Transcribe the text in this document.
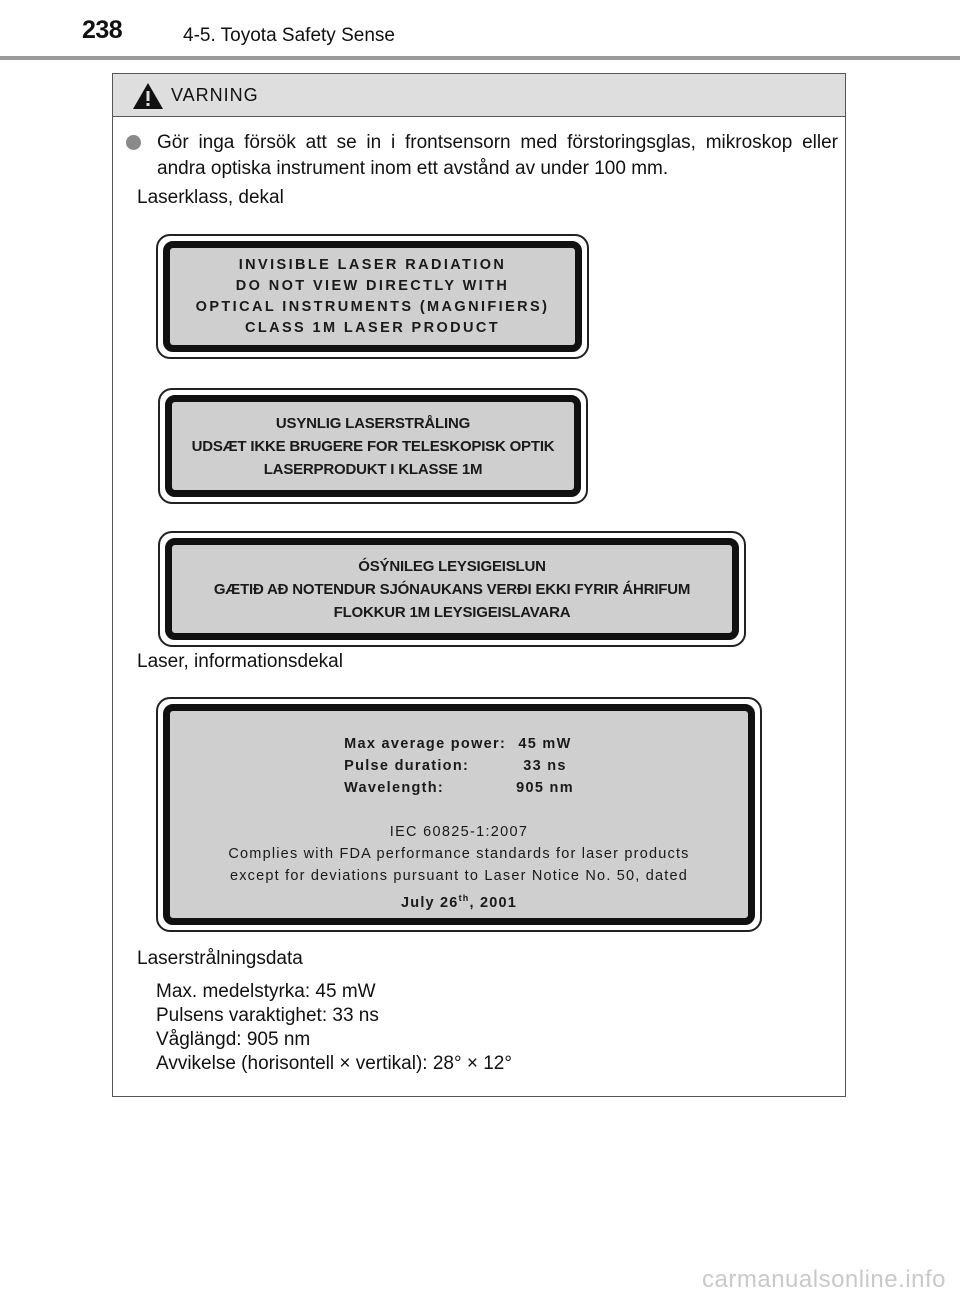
238	4-5. Toyota Safety Sense
VARNING
Gör inga försök att se in i frontsensorn med förstoringsglas, mikroskop eller andra optiska instrument inom ett avstånd av under 100 mm.
Laserklass, dekal
INVISIBLE LASER RADIATION
DO NOT VIEW DIRECTLY WITH
OPTICAL INSTRUMENTS (MAGNIFIERS)
CLASS 1M LASER PRODUCT
USYNLIG LASERSTRÅLING
UDSÆT IKKE BRUGERE FOR TELESKOPISK OPTIK
LASERPRODUKT I KLASSE 1M
ÓSÝNILEG LEYSIGEISLUN
GÆTIÐ AÐ NOTENDUR SJÓNAUKANS VERÐI EKKI FYRIR ÁHRIFUM
FLOKKUR 1M LEYSIGEISLAVARA
Laser, informationsdekal
Max average power:	45 mW
Pulse duration:	33 ns
Wavelength:	905 nm
IEC 60825-1:2007
Complies with FDA performance standards for laser products
except for deviations pursuant to Laser Notice No. 50, dated
July 26th, 2001
Laserstrålningsdata
Max. medelstyrka: 45 mW
Pulsens varaktighet: 33 ns
Våglängd: 905 nm
Avvikelse (horisontell × vertikal): 28° × 12°
carmanualsonline.info
